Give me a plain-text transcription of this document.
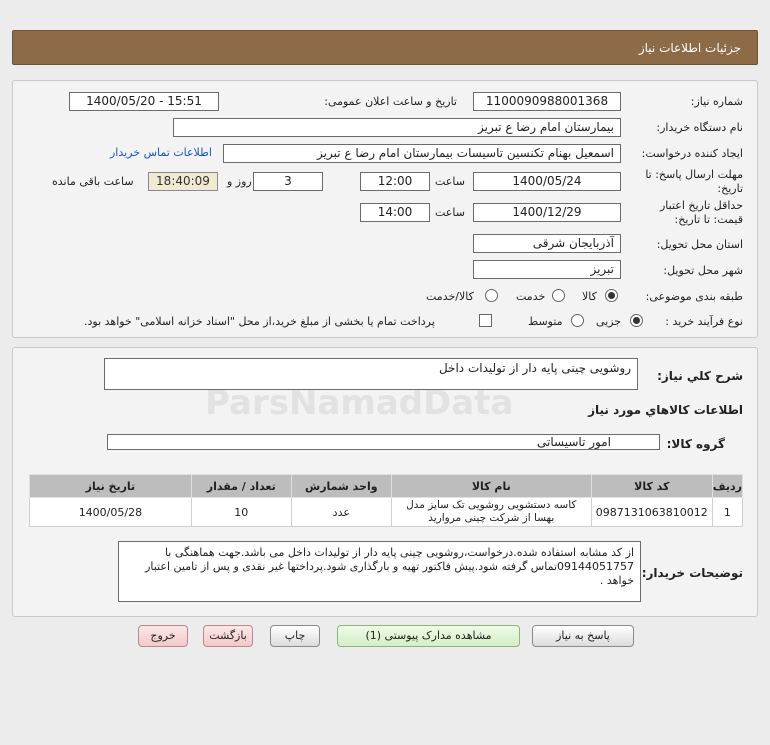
جزئیات اطلاعات نیاز
شماره نیاز:
1100090988001368
تاریخ و ساعت اعلان عمومی:
1400/05/20 - 15:51
نام دستگاه خریدار:
بیمارستان امام رضا ع تبریز
ایجاد کننده درخواست:
اسمعیل بهنام تکنسین تاسیسات بیمارستان امام رضا ع تبریز
اطلاعات تماس خریدار
مهلت ارسال پاسخ: تا تاریخ:
1400/05/24
ساعت
12:00
3
روز و
18:40:09
ساعت باقی مانده
حداقل تاریخ اعتبار قیمت: تا تاریخ:
1400/12/29
ساعت
14:00
استان محل تحویل:
آذربایجان شرقی
شهر محل تحویل:
تبریز
طبقه بندی موضوعی:
کالا
خدمت
کالا/خدمت
نوع فرآیند خرید :
جزیی
متوسط
پرداخت تمام یا بخشی از مبلغ خرید،از محل "اسناد خزانه اسلامی" خواهد بود.
شرح کلي نياز:
روشویی چینی پایه دار از تولیدات داخل
اطلاعات کالاهاي مورد نياز
گروه کالا:
امور تاسیساتی
ردیف	کد کالا	نام کالا	واحد شمارش	تعداد / مقدار	تاریخ نیاز
1	0987131063810012	کاسه دستشویی روشویی تک سایز مدل بهسا از شرکت چینی مروارید	عدد	10	1400/05/28
توضیحات خریدار:
از کد مشابه استفاده شده.درخواست،روشویی چینی پایه دار از تولیدات داخل می باشد.جهت هماهنگی با 09144051757تماس گرفته شود.پیش فاکتور تهیه و بارگذاری شود.پرداختها غیر نقدی و پس از تامین اعتبار خواهد .
پاسخ به نیاز
مشاهده مدارک پیوستی (1)
چاپ
بازگشت
خروج
